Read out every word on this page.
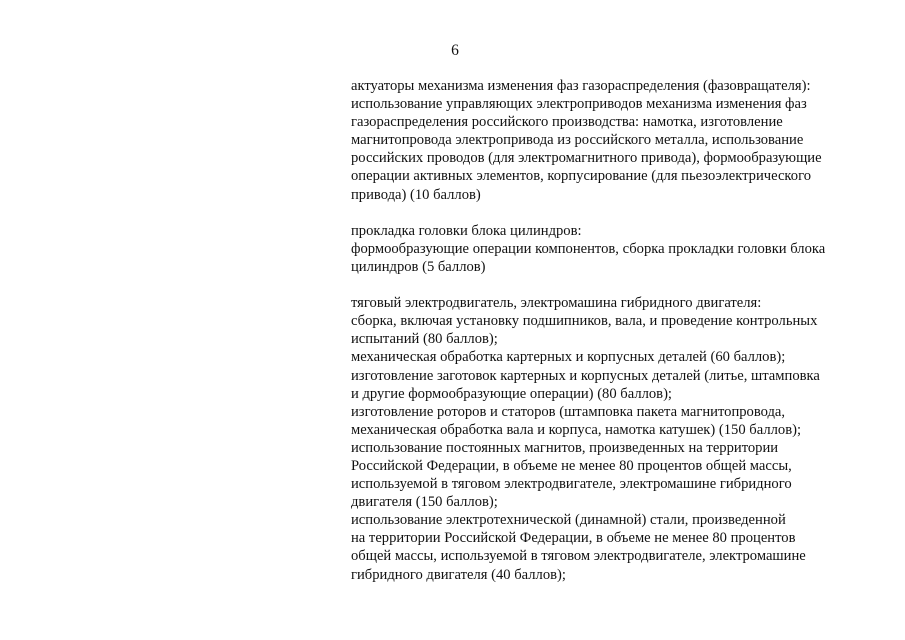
6
актуаторы механизма изменения фаз газораспределения (фазовращателя):
использование управляющих электроприводов механизма изменения фаз
газораспределения российского производства: намотка, изготовление
магнитопровода электропривода из российского металла, использование
российских проводов (для электромагнитного привода), формообразующие
операции активных элементов, корпусирование (для пьезоэлектрического
привода) (10 баллов)
прокладка головки блока цилиндров:
формообразующие операции компонентов, сборка прокладки головки блока
цилиндров (5 баллов)
тяговый электродвигатель, электромашина гибридного двигателя:
сборка, включая установку подшипников, вала, и проведение контрольных
испытаний (80 баллов);
механическая обработка картерных и корпусных деталей (60 баллов);
изготовление заготовок картерных и корпусных деталей (литье, штамповка
и другие формообразующие операции) (80 баллов);
изготовление роторов и статоров (штамповка пакета магнитопровода,
механическая обработка вала и корпуса, намотка катушек) (150 баллов);
использование постоянных магнитов, произведенных на территории
Российской Федерации, в объеме не менее 80 процентов общей массы,
используемой в тяговом электродвигателе, электромашине гибридного
двигателя (150 баллов);
использование электротехнической (динамной) стали, произведенной
на территории Российской Федерации, в объеме не менее 80 процентов
общей массы, используемой в тяговом электродвигателе, электромашине
гибридного двигателя (40 баллов);
